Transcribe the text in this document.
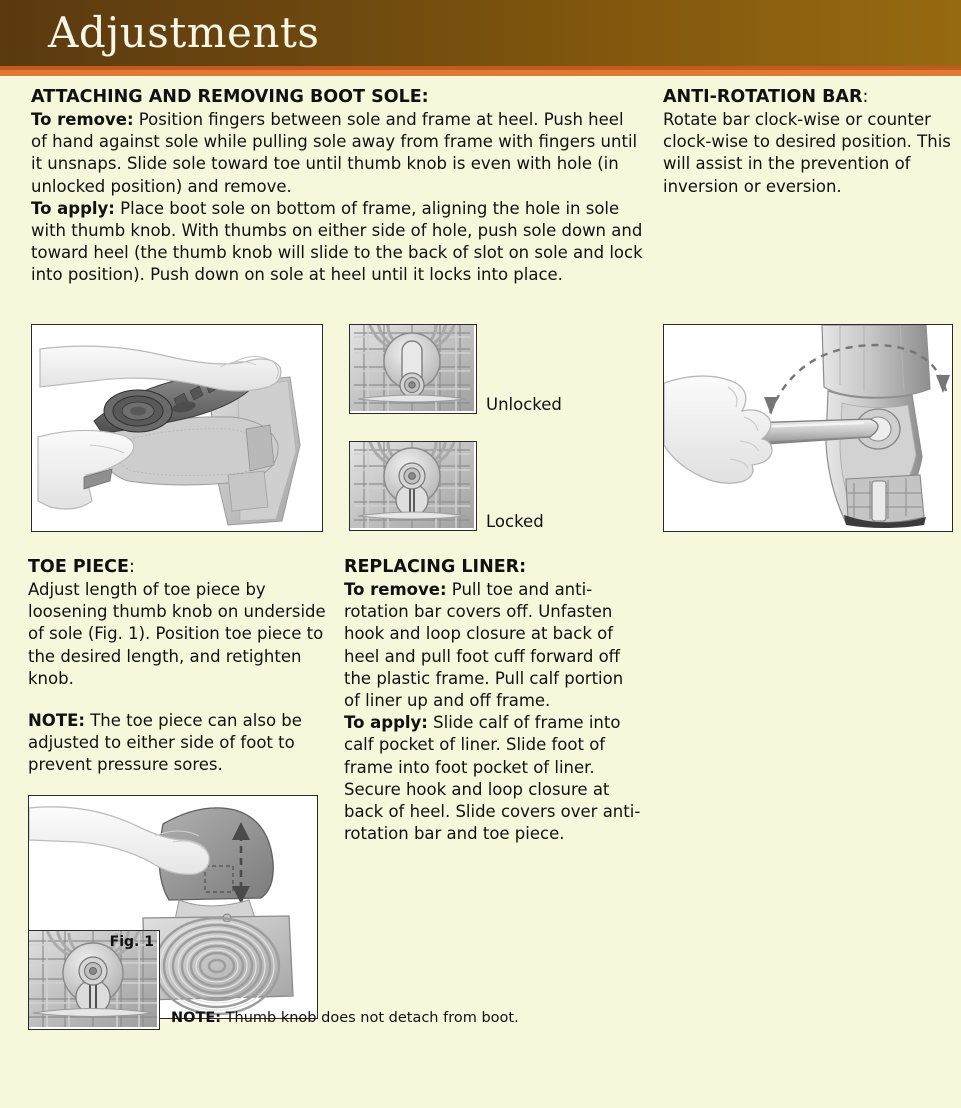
Adjustments

ATTACHING AND REMOVING BOOT SOLE:

To remove: Position fingers between sole and frame at heel. Push heel of hand against sole while pulling sole away from frame with fingers until it unsnaps. Slide sole toward toe until thumb knob is even with hole (in unlocked position) and remove.

To apply: Place boot sole on bottom of frame, aligning the hole in sole with thumb knob. With thumbs on either side of hole, push sole down and toward heel (the thumb knob will slide to the back of slot on sole and lock into position). Push down on sole at heel until it locks into place.

ANTI-ROTATION BAR:

Rotate bar clock-wise or counter clock-wise to desired position. This will assist in the prevention of inversion or eversion.

TOE PIECE:

Adjust length of toe piece by loosening thumb knob on underside of sole (Fig. 1). Position toe piece to the desired length, and retighten knob.

NOTE: The toe piece can also be adjusted to either side of foot to prevent pressure sores.

REPLACING LINER:

To remove: Pull toe and anti-rotation bar covers off. Unfasten hook and loop closure at back of heel and pull foot cuff forward off the plastic frame. Pull calf portion of liner up and off frame.

To apply: Slide calf of frame into calf pocket of liner. Slide foot of frame into foot pocket of liner. Secure hook and loop closure at back of heel. Slide covers over anti-rotation bar and toe piece.

Unlocked
Locked
Fig. 1
NOTE: Thumb knob does not detach from boot.
